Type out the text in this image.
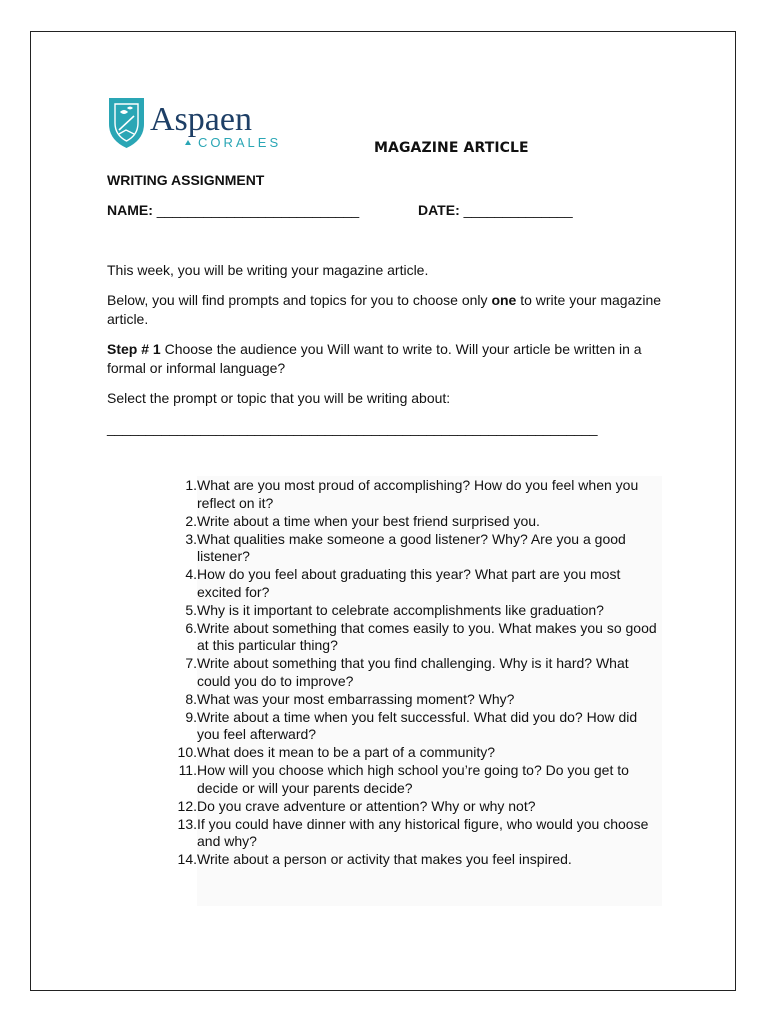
Aspaen
CORALES	MAGAZINE ARTICLE
WRITING ASSIGNMENT
NAME: __________________________	DATE: ______________
This week, you will be writing your magazine article.
Below, you will find prompts and topics for you to choose only one to write your magazine article.
Step # 1 Choose the audience you Will want to write to. Will your article be written in a formal or informal language?
Select the prompt or topic that you will be writing about:
_______________________________________________________________
1. What are you most proud of accomplishing? How do you feel when you reflect on it?
2. Write about a time when your best friend surprised you.
3. What qualities make someone a good listener? Why? Are you a good listener?
4. How do you feel about graduating this year? What part are you most excited for?
5. Why is it important to celebrate accomplishments like graduation?
6. Write about something that comes easily to you. What makes you so good at this particular thing?
7. Write about something that you find challenging. Why is it hard? What could you do to improve?
8. What was your most embarrassing moment? Why?
9. Write about a time when you felt successful. What did you do? How did you feel afterward?
10. What does it mean to be a part of a community?
11. How will you choose which high school you’re going to? Do you get to decide or will your parents decide?
12. Do you crave adventure or attention? Why or why not?
13. If you could have dinner with any historical figure, who would you choose and why?
14. Write about a person or activity that makes you feel inspired.
